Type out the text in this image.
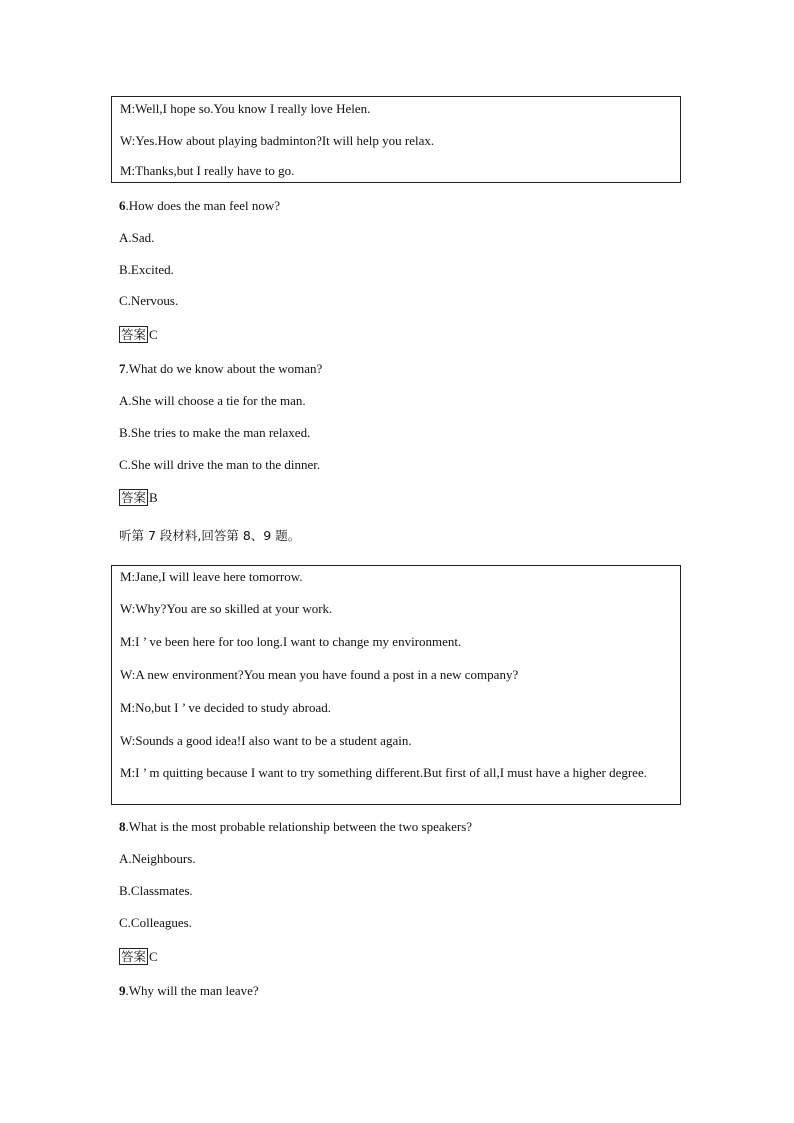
M:Well,I hope so.You know I really love Helen.
W:Yes.How about playing badminton?It will help you relax.
M:Thanks,but I really have to go.
6.How does the man feel now?
A.Sad.
B.Excited.
C.Nervous.
答案 C
7.What do we know about the woman?
A.She will choose a tie for the man.
B.She tries to make the man relaxed.
C.She will drive the man to the dinner.
答案 B
听第 7 段材料,回答第 8、9 题。
M:Jane,I will leave here tomorrow.
W:Why?You are so skilled at your work.
M:I ’ ve been here for too long.I want to change my environment.
W:A new environment?You mean you have found a post in a new company?
M:No,but I ’ ve decided to study abroad.
W:Sounds a good idea!I also want to be a student again.
M:I ’ m quitting because I want to try something different.But first of all,I must have a higher degree.
8.What is the most probable relationship between the two speakers?
A.Neighbours.
B.Classmates.
C.Colleagues.
答案 C
9.Why will the man leave?
